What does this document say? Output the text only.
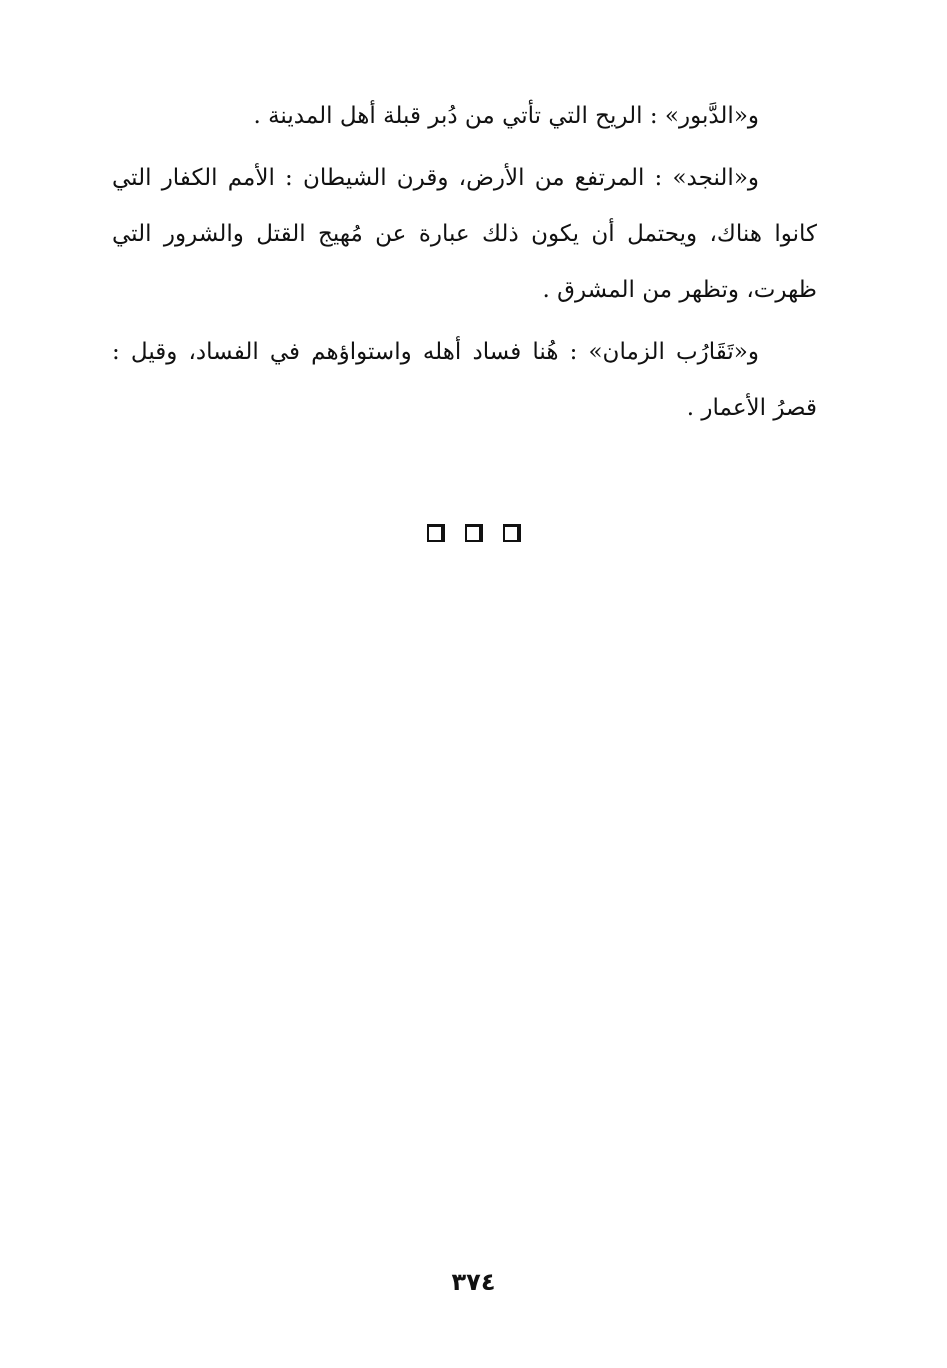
و«الدَّبور» : الريح التي تأتي من دُبر قبلة أهل المدينة .

و«النجد» : المرتفع من الأرض، وقرن الشيطان : الأمم الكفار التي كانوا هناك، ويحتمل أن يكون ذلك عبارة عن مُهيج القتل والشرور التي ظهرت، وتظهر من المشرق .

و«تَقَارُب الزمان» : هُنا فساد أهله واستواؤهم في الفساد، وقيل : قصرُ الأعمار .

٣٧٤
